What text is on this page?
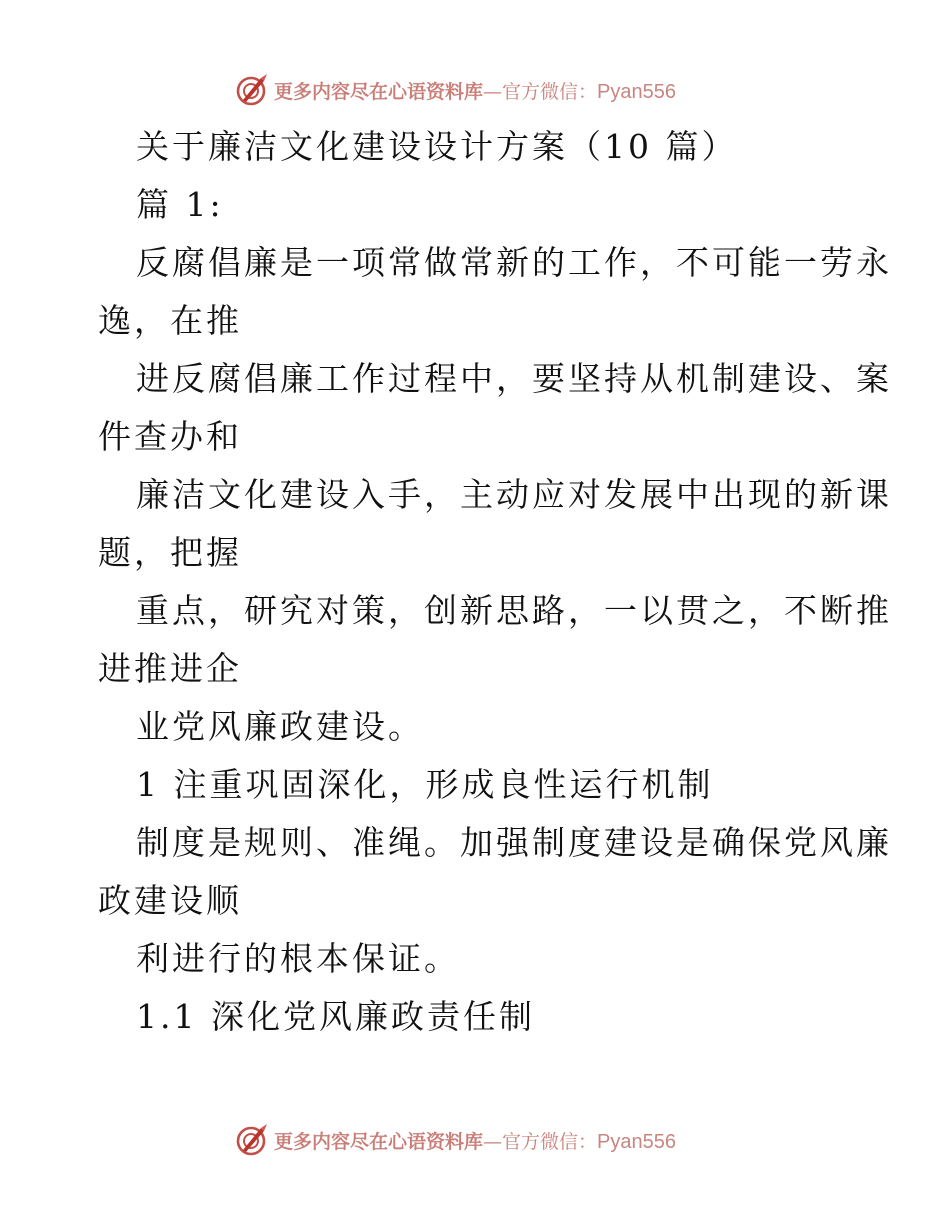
更多内容尽在心语资料库—官方微信：Pyan556
关于廉洁文化建设设计方案（10 篇）
篇 1:
反腐倡廉是一项常做常新的工作，不可能一劳永
逸，在推
进反腐倡廉工作过程中，要坚持从机制建设、案
件查办和
廉洁文化建设入手，主动应对发展中出现的新课
题，把握
重点，研究对策，创新思路，一以贯之，不断推
进推进企
业党风廉政建设。
1 注重巩固深化，形成良性运行机制
制度是规则、准绳。加强制度建设是确保党风廉
政建设顺
利进行的根本保证。
1.1 深化党风廉政责任制
更多内容尽在心语资料库—官方微信：Pyan556
